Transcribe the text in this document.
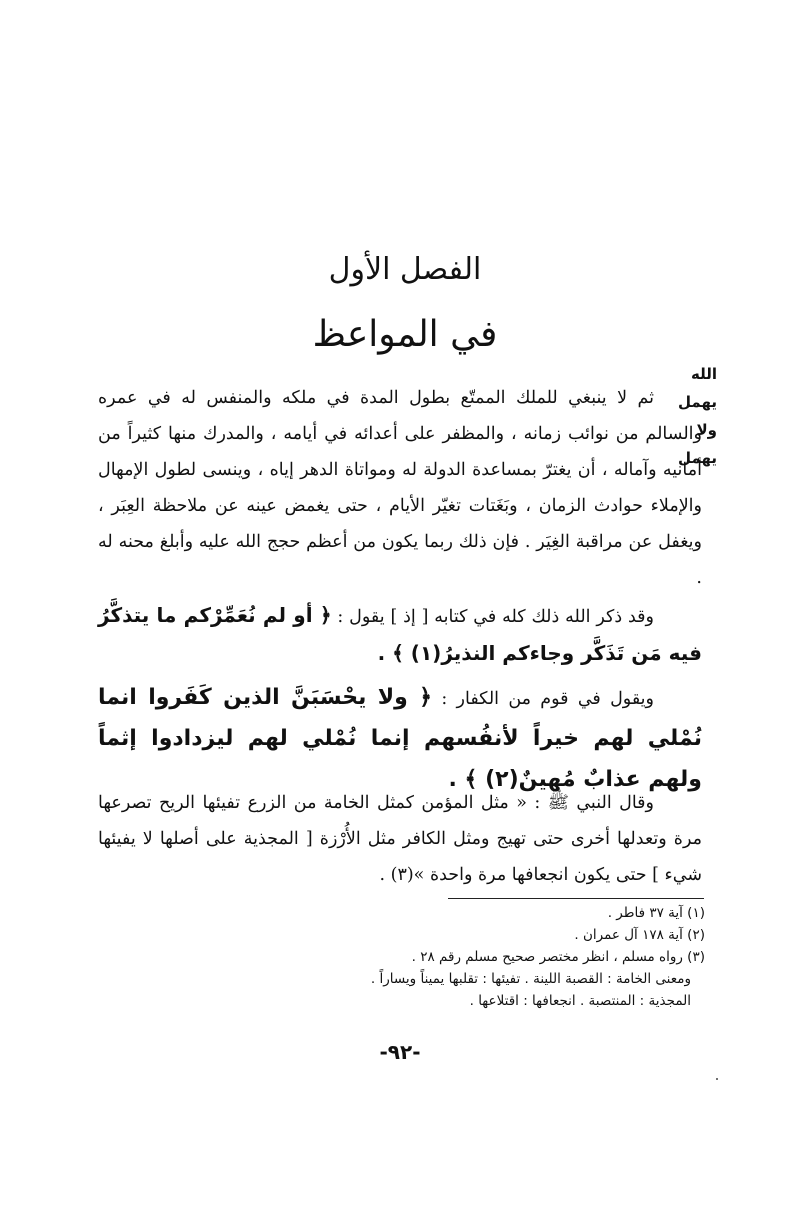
الفصل الأول
في المواعظ
الله يهمل
ولا يهمل
ثم لا ينبغي للملك الممتّع بطول المدة في ملكه والمنفس له في عمره والسالم من نوائب زمانه ، والمظفر على أعدائه في أيامه ، والمدرك منها كثيراً من أمانيه وآماله ، أن يغترّ بمساعدة الدولة له ومواتاة الدهر إياه ، وينسى لطول الإمهال والإملاء حوادث الزمان ، وبَغَتات تغيّر الأيام ، حتى يغمض عينه عن ملاحظة العِبَر ، ويغفل عن مراقبة الغِيَر . فإن ذلك ربما يكون من أعظم حجج الله عليه وأبلغ محنه له .
وقد ذكر الله ذلك كله في كتابه [ إذ ] يقول : ﴿ أو لم نُعَمِّرْكم ما يتذكَّرُ فيه مَن تَذَكَّر وجاءكم النذيرُ(١) ﴾ .
ويقول في قوم من الكفار : ﴿ ولا يحْسَبَنَّ الذين كَفَروا انما نُمْلي لهم خيراً لأنفُسهم إنما نُمْلي لهم ليزدادوا إثماً ولهم عذابٌ مُهينٌ(٢) ﴾ .
وقال النبي ﷺ : « مثل المؤمن كمثل الخامة من الزرع تفيئها الريح تصرعها مرة وتعدلها أخرى حتى تهيج ومثل الكافر مثل الأُرْزة [ المجذية على أصلها لا يفيئها شيء ] حتى يكون انجعافها مرة واحدة »(٣) .
(١) آية ٣٧ فاطر .
(٢) آية ١٧٨ آل عمران .
(٣) رواه مسلم ، انظر مختصر صحيح مسلم رقم ٢٨ .
ومعنى الخامة : القصبة اللينة . تفيئها : تقلبها يميناً ويساراً .
المجذية : المنتصبة . انجعافها : اقتلاعها .
-٩٢-
